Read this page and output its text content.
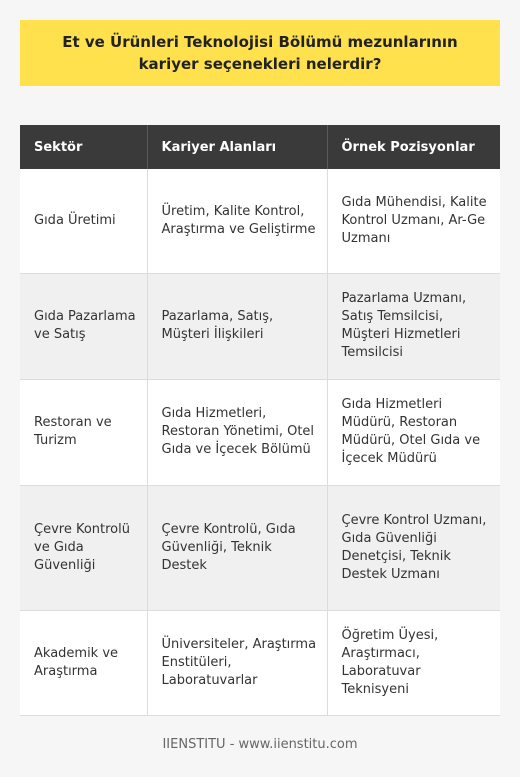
Et ve Ürünleri Teknolojisi Bölümü mezunlarının kariyer seçenekleri nelerdir?
Sektör	Kariyer Alanları	Örnek Pozisyonlar
Gıda Üretimi	Üretim, Kalite Kontrol, Araştırma ve Geliştirme	Gıda Mühendisi, Kalite Kontrol Uzmanı, Ar-Ge Uzmanı
Gıda Pazarlama ve Satış	Pazarlama, Satış, Müşteri İlişkileri	Pazarlama Uzmanı, Satış Temsilcisi, Müşteri Hizmetleri Temsilcisi
Restoran ve Turizm	Gıda Hizmetleri, Restoran Yönetimi, Otel Gıda ve İçecek Bölümü	Gıda Hizmetleri Müdürü, Restoran Müdürü, Otel Gıda ve İçecek Müdürü
Çevre Kontrolü ve Gıda Güvenliği	Çevre Kontrolü, Gıda Güvenliği, Teknik Destek	Çevre Kontrol Uzmanı, Gıda Güvenliği Denetçisi, Teknik Destek Uzmanı
Akademik ve Araştırma	Üniversiteler, Araştırma Enstitüleri, Laboratuvarlar	Öğretim Üyesi, Araştırmacı, Laboratuvar Teknisyeni
IIENSTITU - www.iienstitu.com
